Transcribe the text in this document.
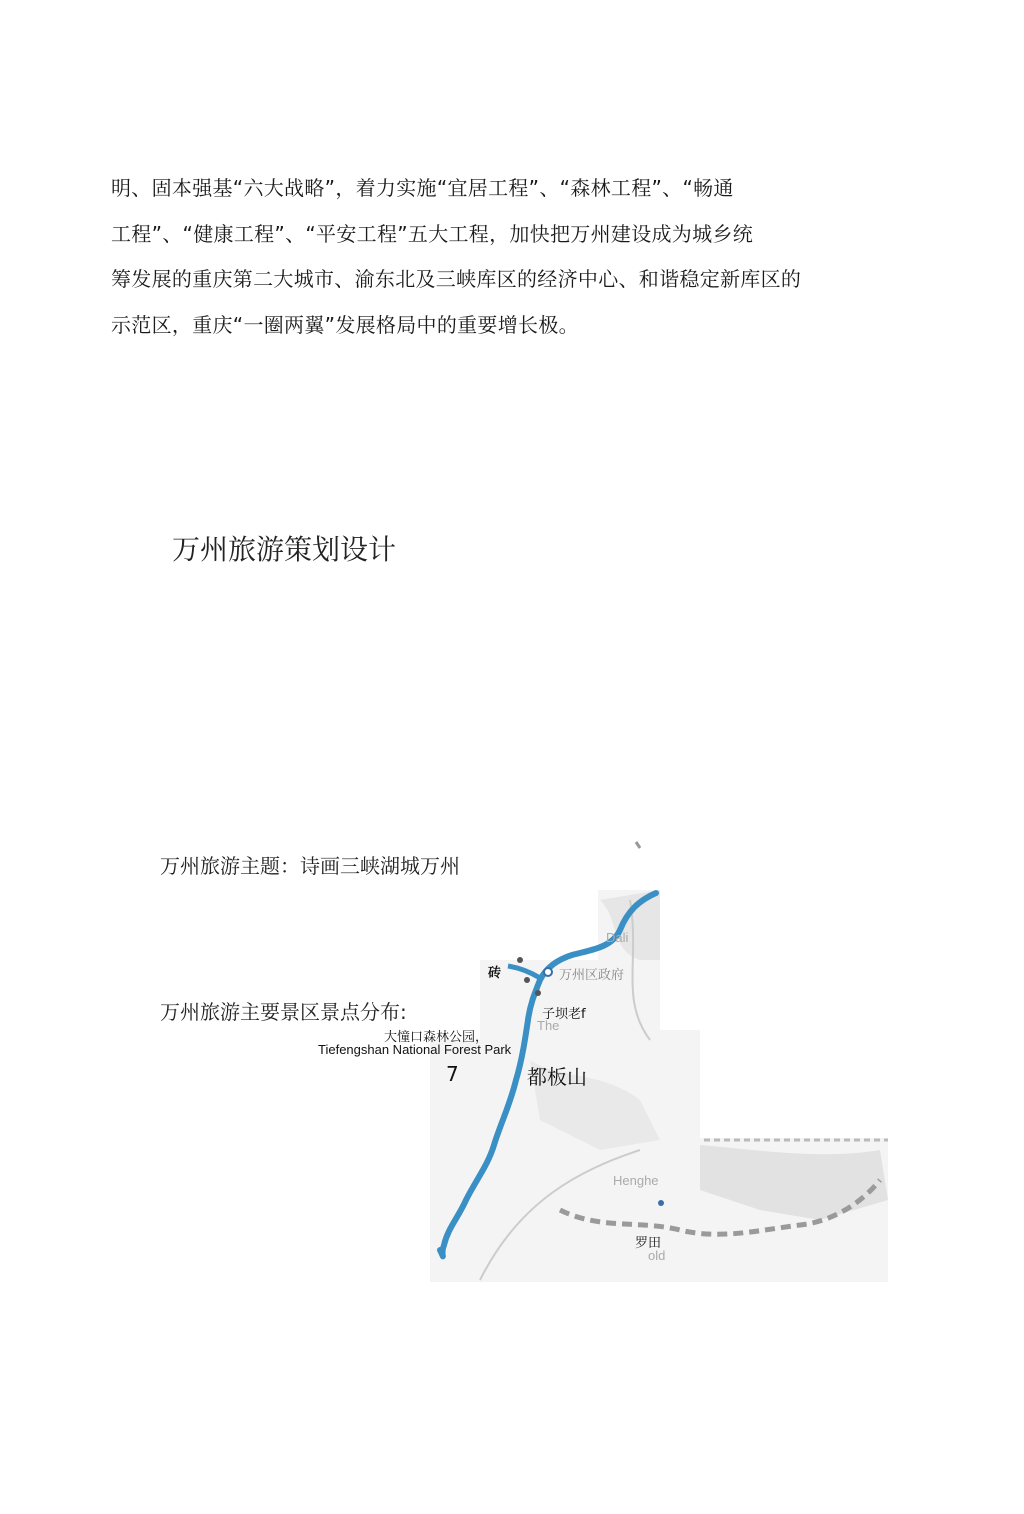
明、固本强基“六大战略”，着力实施“宜居工程”、“森林工程”、“畅通
工程”、“健康工程”、“平安工程”五大工程，加快把万州建设成为城乡统
筹发展的重庆第二大城市、渝东北及三峡库区的经济中心、和谐稳定新库区的
示范区，重庆“一圈两翼”发展格局中的重要增长极。
万州旅游策划设计
Dali
万州区政府
砖
子坝老f
The
大憧口森林公园，
Tiefengshan National Forest Park
7	都板山
Henghe
罗田
old
万州旅游主题：诗画三峡湖城万州
万州旅游主要景区景点分布:
